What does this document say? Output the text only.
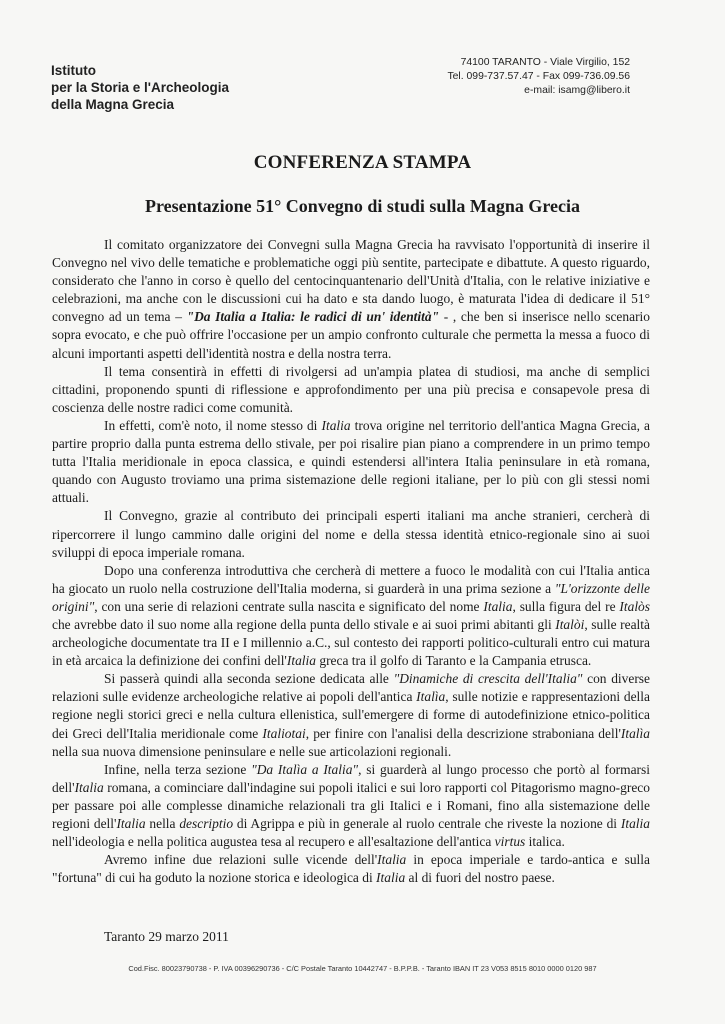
Istituto
per la Storia e l'Archeologia
della Magna Grecia
74100 TARANTO - Viale Virgilio, 152
Tel. 099-737.57.47 - Fax 099-736.09.56
e-mail: isamg@libero.it
CONFERENZA STAMPA
Presentazione 51° Convegno di studi sulla Magna Grecia

Il comitato organizzatore dei Convegni sulla Magna Grecia ha ravvisato l'opportunità di inserire il Convegno nel vivo delle tematiche e problematiche oggi più sentite, partecipate e dibattute. A questo riguardo, considerato che l'anno in corso è quello del centocinquantenario dell'Unità d'Italia, con le relative iniziative e celebrazioni, ma anche con le discussioni cui ha dato e sta dando luogo, è maturata l'idea di dedicare il 51° convegno ad un tema – "Da Italia a Italia: le radici di un' identità" - , che ben si inserisce nello scenario sopra evocato, e che può offrire l'occasione per un ampio confronto culturale che permetta la messa a fuoco di alcuni importanti aspetti dell'identità nostra e della nostra terra.

Il tema consentirà in effetti di rivolgersi ad un'ampia platea di studiosi, ma anche di semplici cittadini, proponendo spunti di riflessione e approfondimento per una più precisa e consapevole presa di coscienza delle nostre radici come comunità.

In effetti, com'è noto, il nome stesso di Italia trova origine nel territorio dell'antica Magna Grecia, a partire proprio dalla punta estrema dello stivale, per poi risalire pian piano a comprendere in un primo tempo tutta l'Italia meridionale in epoca classica, e quindi estendersi all'intera Italia peninsulare in età romana, quando con Augusto troviamo una prima sistemazione delle regioni italiane, per lo più con gli stessi nomi attuali.

Il Convegno, grazie al contributo dei principali esperti italiani ma anche stranieri, cercherà di ripercorrere il lungo cammino dalle origini del nome e della stessa identità etnico-regionale sino ai suoi sviluppi di epoca imperiale romana.

Dopo una conferenza introduttiva che cercherà di mettere a fuoco le modalità con cui l'Italia antica ha giocato un ruolo nella costruzione dell'Italia moderna, si guarderà in una prima sezione a "L'orizzonte delle origini", con una serie di relazioni centrate sulla nascita e significato del nome Italia, sulla figura del re Italòs che avrebbe dato il suo nome alla regione della punta dello stivale e ai suoi primi abitanti gli Italòi, sulle realtà archeologiche documentate tra II e I millennio a.C., sul contesto dei rapporti politico-culturali entro cui matura in età arcaica la definizione dei confini dell'Italia greca tra il golfo di Taranto e la Campania etrusca.

Si passerà quindi alla seconda sezione dedicata alle "Dinamiche di crescita dell'Italia" con diverse relazioni sulle evidenze archeologiche relative ai popoli dell'antica Italìa, sulle notizie e rappresentazioni della regione negli storici greci e nella cultura ellenistica, sull'emergere di forme di autodefinizione etnico-politica dei Greci dell'Italia meridionale come Italiotai, per finire con l'analisi della descrizione straboniana dell'Italìa nella sua nuova dimensione peninsulare e nelle sue articolazioni regionali.

Infine, nella terza sezione "Da Italìa a Italia", si guarderà al lungo processo che portò al formarsi dell'Italia romana, a cominciare dall'indagine sui popoli italici e sui loro rapporti col Pitagorismo magno-greco per passare poi alle complesse dinamiche relazionali tra gli Italici e i Romani, fino alla sistemazione delle regioni dell'Italia nella descriptio di Agrippa e più in generale al ruolo centrale che riveste la nozione di Italia nell'ideologia e nella politica augustea tesa al recupero e all'esaltazione dell'antica virtus italica.

Avremo infine due relazioni sulle vicende dell'Italia in epoca imperiale e tardo-antica e sulla "fortuna" di cui ha goduto la nozione storica e ideologica di Italia al di fuori del nostro paese.

Taranto 29 marzo 2011
Cod.Fisc. 80023790738 - P. IVA 00396290736 - C/C Postale Taranto 10442747 - B.P.P.B. - Taranto IBAN IT 23 V053 8515 8010 0000 0120 987
